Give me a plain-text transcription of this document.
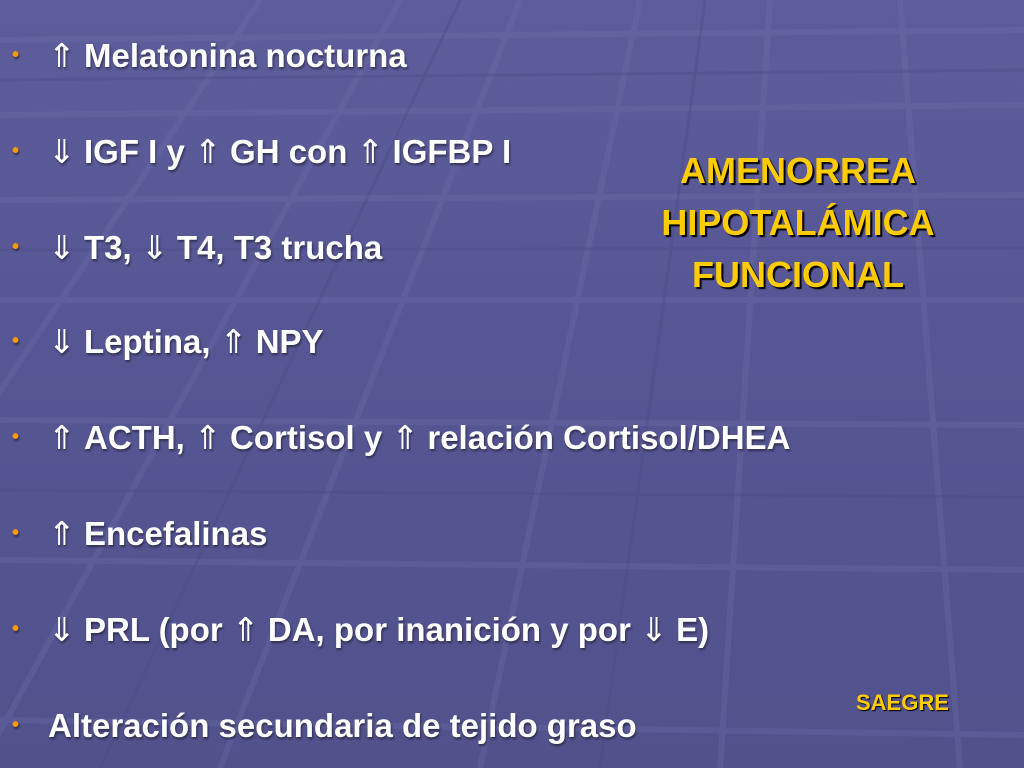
• ⇑ Melatonina nocturna
• ⇓ IGF I y ⇑ GH con ⇑ IGFBP I
• ⇓ T3, ⇓ T4, T3 trucha
• ⇓ Leptina, ⇑ NPY
• ⇑ ACTH, ⇑ Cortisol y ⇑ relación Cortisol/DHEA
• ⇑ Encefalinas
• ⇓ PRL (por ⇑ DA, por inanición y por ⇓ E)
• Alteración secundaria de tejido graso
AMENORREA
HIPOTALÁMICA
FUNCIONAL
SAEGRE
